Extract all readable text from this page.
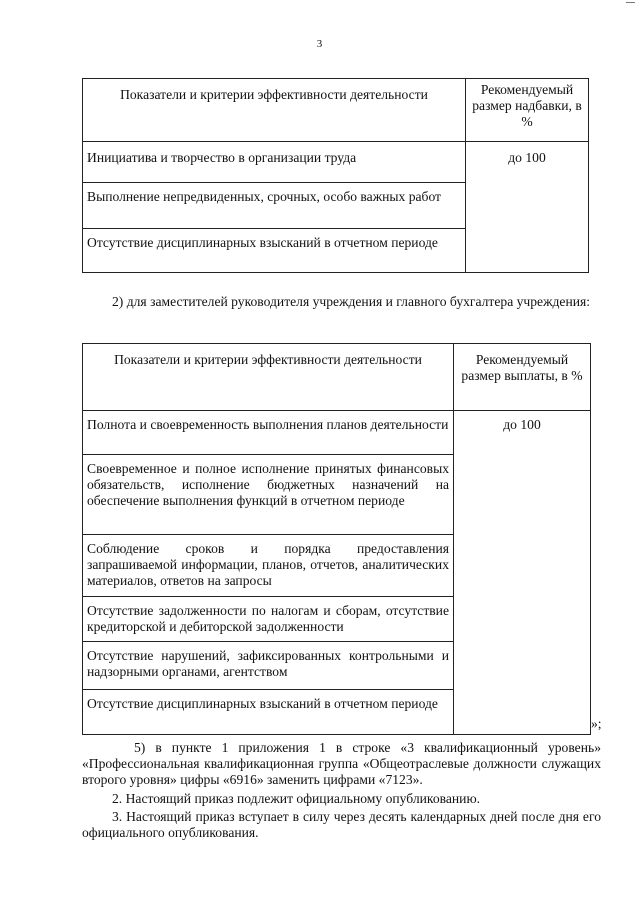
3
Показатели и критерии эффективности деятельности	Рекомендуемый размер надбавки, в %
Инициатива и творчество в организации труда	до 100
Выполнение непредвиденных, срочных, особо важных работ	
Отсутствие дисциплинарных взысканий в отчетном периоде	
2) для заместителей руководителя учреждения и главного бухгалтера учреждения:
Показатели и критерии эффективности деятельности	Рекомендуемый размер выплаты, в %
Полнота и своевременность выполнения планов деятельности	до 100
Своевременное и полное исполнение принятых финансовых обязательств, исполнение бюджетных назначений на обеспечение выполнения функций в отчетном периоде	
Соблюдение сроков и порядка предоставления запрашиваемой информации, планов, отчетов, аналитических материалов, ответов на запросы	
Отсутствие задолженности по налогам и сборам, отсутствие кредиторской и дебиторской задолженности	
Отсутствие нарушений, зафиксированных контрольными и надзорными органами, агентством	
Отсутствие дисциплинарных взысканий в отчетном периоде	
»;
5) в пункте 1 приложения 1 в строке «3 квалификационный уровень» «Профессиональная квалификационная группа «Общеотраслевые должности служащих второго уровня» цифры «6916» заменить цифрами «7123».
2. Настоящий приказ подлежит официальному опубликованию.
3. Настоящий приказ вступает в силу через десять календарных дней после дня его официального опубликования.
